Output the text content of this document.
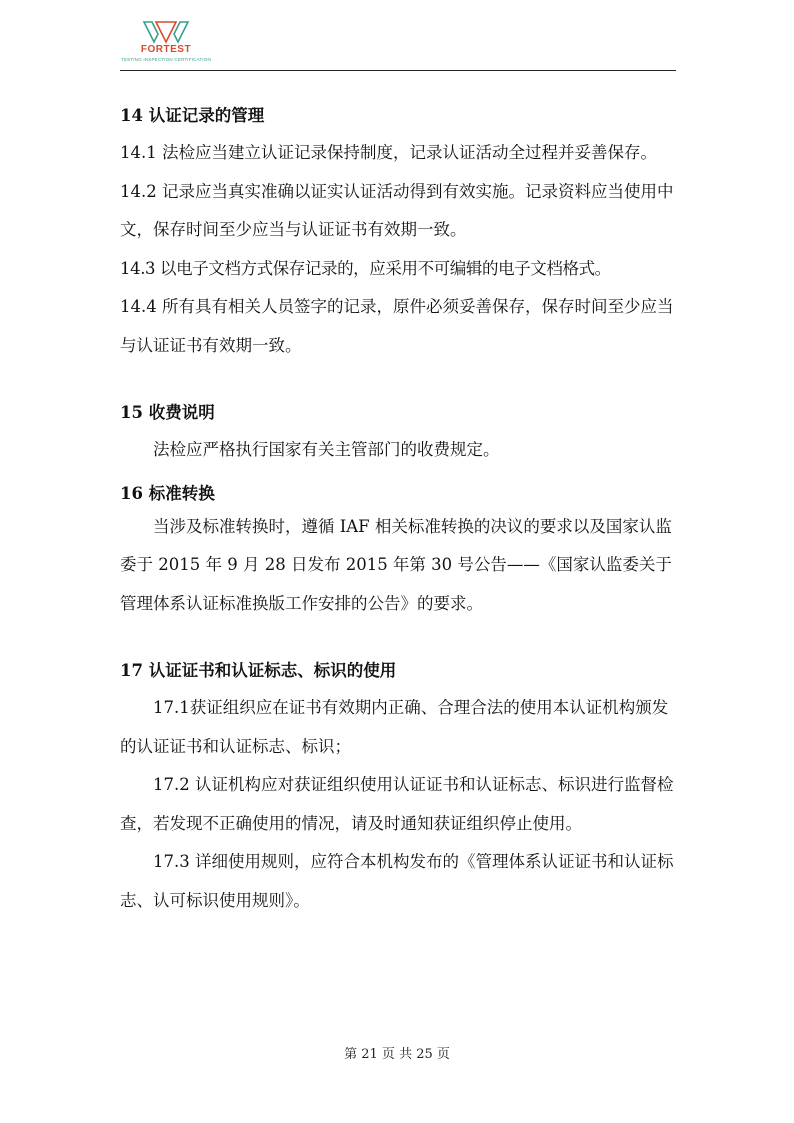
FORTEST
TESTING INSPECTION CERTIFICATION

14 认证记录的管理

14.1 法检应当建立认证记录保持制度，记录认证活动全过程并妥善保存。

14.2 记录应当真实准确以证实认证活动得到有效实施。记录资料应当使用中文，保存时间至少应当与认证证书有效期一致。

14.3 以电子文档方式保存记录的，应采用不可编辑的电子文档格式。

14.4 所有具有相关人员签字的记录，原件必须妥善保存，保存时间至少应当与认证证书有效期一致。

15 收费说明

法检应严格执行国家有关主管部门的收费规定。

16 标准转换

当涉及标准转换时，遵循 IAF 相关标准转换的决议的要求以及国家认监委于 2015 年 9 月 28 日发布 2015 年第 30 号公告——《国家认监委关于管理体系认证标准换版工作安排的公告》的要求。

17 认证证书和认证标志、标识的使用

17.1获证组织应在证书有效期内正确、合理合法的使用本认证机构颁发的认证证书和认证标志、标识；

17.2 认证机构应对获证组织使用认证证书和认证标志、标识进行监督检查，若发现不正确使用的情况，请及时通知获证组织停止使用。

17.3 详细使用规则，应符合本机构发布的《管理体系认证证书和认证标志、认可标识使用规则》。

第 21 页 共 25 页
